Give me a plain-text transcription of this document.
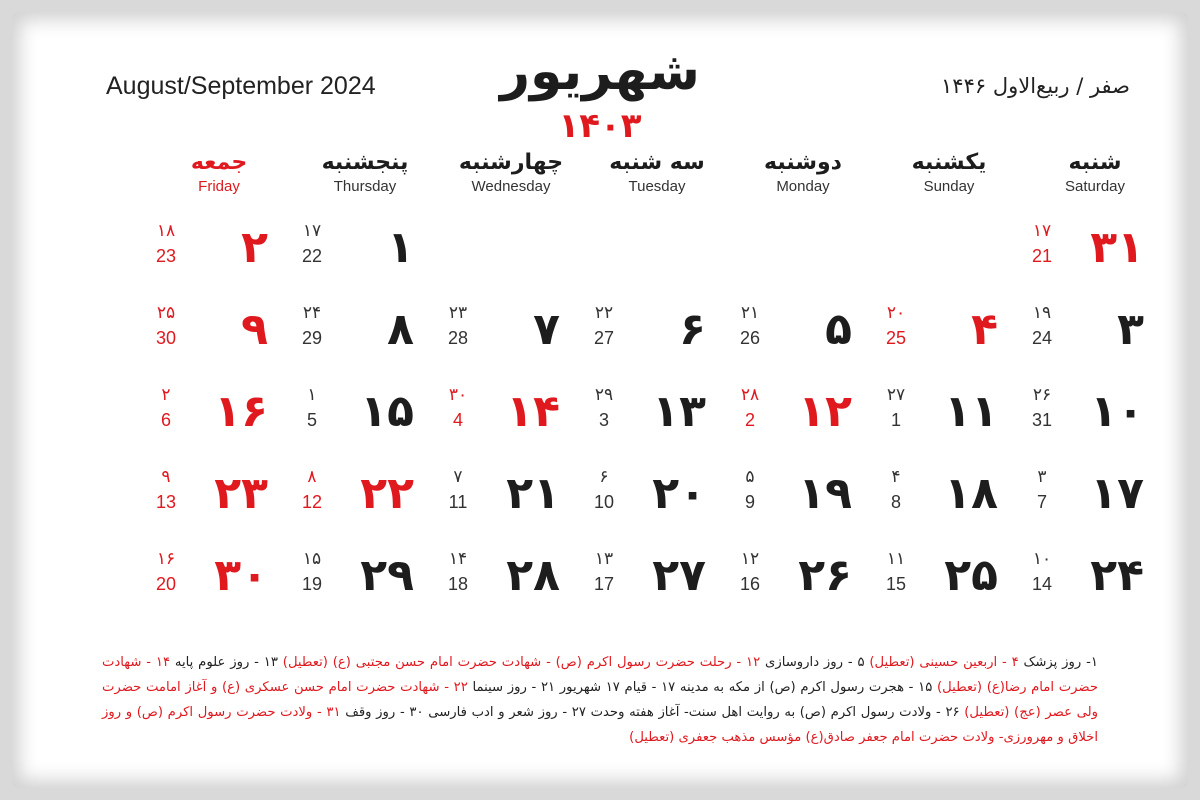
August/September 2024	شهریور
۱۴۰۳
صفر / ربیع‌الاول ۱۴۴۶
شنبه
Saturday
یکشنبه
Sunday
دوشنبه
Monday
سه شنبه
Tuesday
چهارشنبه
Wednesday
پنجشنبه
Thursday
جمعه
Friday
۳۱
۱۷
21
۱
۱۷
22
۲
۱۸
23
۳
۱۹
24
۴
۲۰
25
۵
۲۱
26
۶
۲۲
27
۷
۲۳
28
۸
۲۴
29
۹
۲۵
30
۱۰
۲۶
31
۱۱
۲۷
1
۱۲
۲۸
2
۱۳
۲۹
3
۱۴
۳۰
4
۱۵
۱
5
۱۶
۲
6
۱۷
۳
7
۱۸
۴
8
۱۹
۵
9
۲۰
۶
10
۲۱
۷
11
۲۲
۸
12
۲۳
۹
13
۲۴
۱۰
14
۲۵
۱۱
15
۲۶
۱۲
16
۲۷
۱۳
17
۲۸
۱۴
18
۲۹
۱۵
19
۳۰
۱۶
20
۱- روز پزشک ۴ - اربعین حسینی (تعطیل) ۵ - روز داروسازی ۱۲ - رحلت حضرت رسول اکرم (ص) - شهادت حضرت امام حسن مجتبی (ع) (تعطیل) ۱۳ - روز علوم پایه ۱۴ - شهادت حضرت امام رضا(ع) (تعطیل) ۱۵ - هجرت رسول اکرم (ص) از مکه به مدینه ۱۷ - قیام ۱۷ شهریور ۲۱ - روز سینما ۲۲ - شهادت حضرت امام حسن عسکری (ع) و آغاز امامت حضرت ولی عصر (عج) (تعطیل) ۲۶ - ولادت رسول اکرم (ص) به روایت اهل سنت- آغاز هفته وحدت ۲۷ - روز شعر و ادب فارسی ۳۰ - روز وقف ۳۱ - ولادت حضرت رسول اکرم (ص) و روز اخلاق و مهرورزی- ولادت حضرت امام جعفر صادق(ع) مؤسس مذهب جعفری (تعطیل)
